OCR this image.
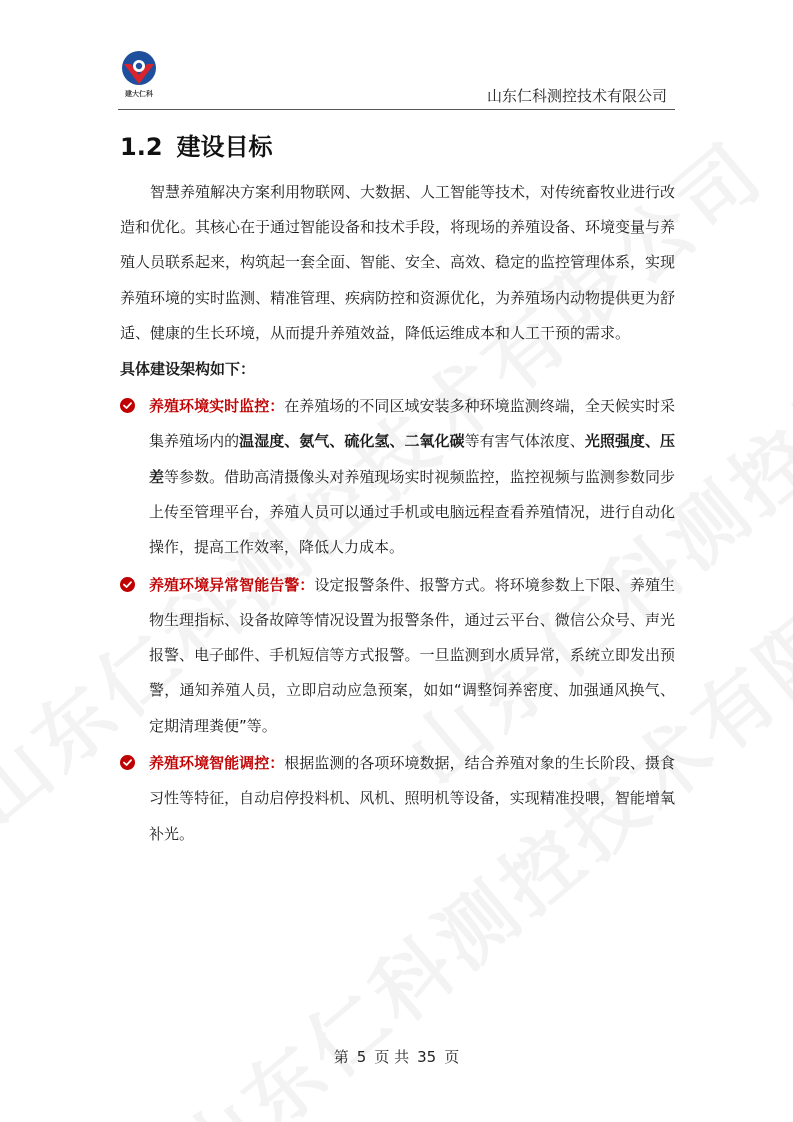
建大仁科	山东仁科测控技术有限公司
1.2 建设目标

智慧养殖解决方案利用物联网、大数据、人工智能等技术，对传统畜牧业进行改造和优化。其核心在于通过智能设备和技术手段，将现场的养殖设备、环境变量与养殖人员联系起来，构筑起一套全面、智能、安全、高效、稳定的监控管理体系，实现养殖环境的实时监测、精准管理、疾病防控和资源优化，为养殖场内动物提供更为舒适、健康的生长环境，从而提升养殖效益，降低运维成本和人工干预的需求。

具体建设架构如下：
养殖环境实时监控：在养殖场的不同区域安装多种环境监测终端，全天候实时采集养殖场内的温湿度、氨气、硫化氢、二氧化碳等有害气体浓度、光照强度、压差等参数。借助高清摄像头对养殖现场实时视频监控，监控视频与监测参数同步上传至管理平台，养殖人员可以通过手机或电脑远程查看养殖情况，进行自动化操作，提高工作效率，降低人力成本。
养殖环境异常智能告警：设定报警条件、报警方式。将环境参数上下限、养殖生物生理指标、设备故障等情况设置为报警条件，通过云平台、微信公众号、声光报警、电子邮件、手机短信等方式报警。一旦监测到水质异常，系统立即发出预警，通知养殖人员，立即启动应急预案，如如“调整饲养密度、加强通风换气、定期清理粪便”等。
养殖环境智能调控：根据监测的各项环境数据，结合养殖对象的生长阶段、摄食习性等特征，自动启停投料机、风机、照明机等设备，实现精准投喂，智能增氧补光。
第 5 页 共 35 页
